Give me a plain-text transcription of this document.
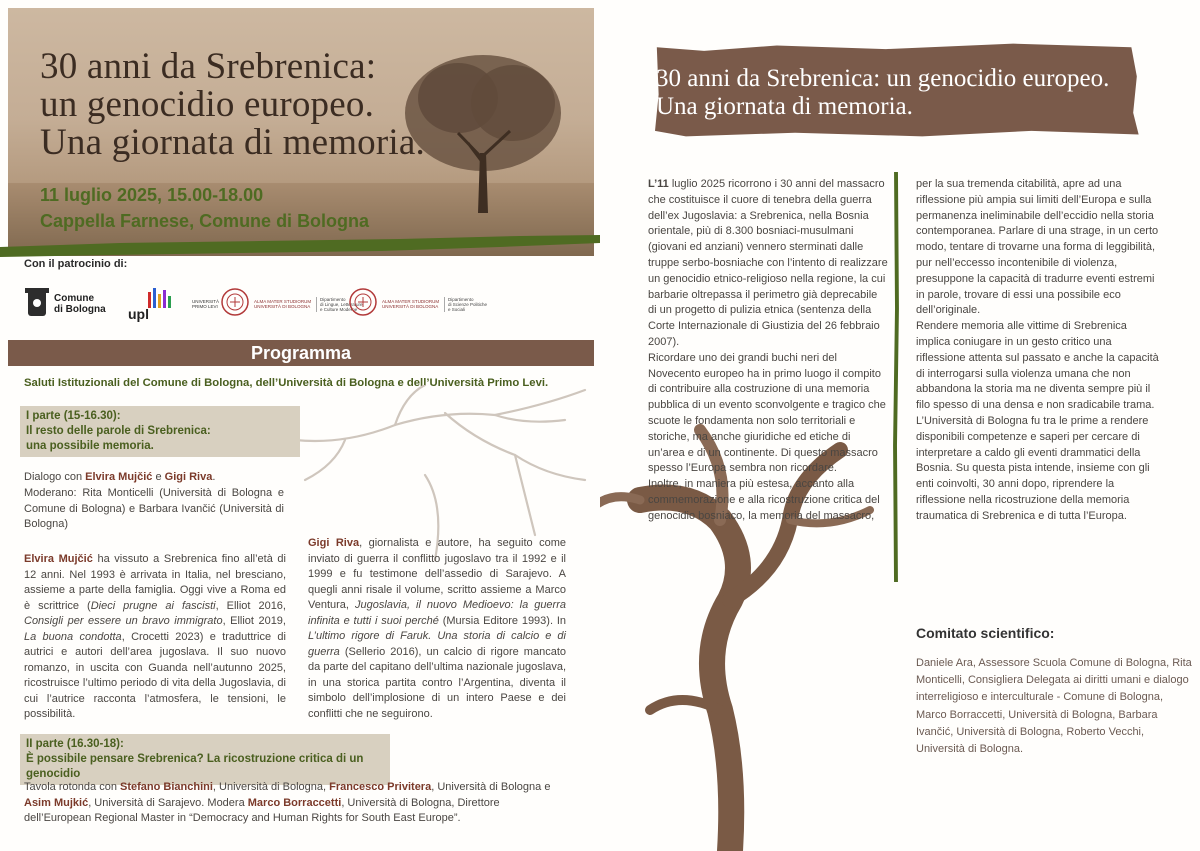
30 anni da Srebrenica:
un genocidio europeo.
Una giornata di memoria.
11 luglio 2025, 15.00-18.00
Cappella Farnese, Comune di Bologna
Con il patrocinio di:
Comune
di Bologna upl
UNIVERSITÀ PRIMO LEVI
ALMA MATER STUDIORUM
UNIVERSITÀ DI BOLOGNA
Dipartimento
di Lingue, Letterature
e Culture Moderne
ALMA MATER STUDIORUM
UNIVERSITÀ DI BOLOGNA
Dipartimento
di Scienze Politiche
e Sociali
Programma
Saluti Istituzionali del Comune di Bologna, dell’Università di Bologna e dell’Università Primo Levi.
I parte (15-16.30):
Il resto delle parole di Srebrenica:
una possibile memoria.
Dialogo con Elvira Mujčić e Gigi Riva.
Moderano: Rita Monticelli (Università di Bologna e Comune di Bologna) e Barbara Ivančić (Università di Bologna)
Elvira Mujčić ha vissuto a Srebrenica fino all’età di 12 anni. Nel 1993 è arrivata in Italia, nel bresciano, assieme a parte della famiglia. Oggi vive a Roma ed è scrittrice (Dieci prugne ai fascisti, Elliot 2016, Consigli per essere un bravo immigrato, Elliot 2019, La buona condotta, Crocetti 2023) e traduttrice di autrici e autori dell’area jugoslava. Il suo nuovo romanzo, in uscita con Guanda nell’autunno 2025, ricostruisce l’ultimo periodo di vita della Jugoslavia, di cui l’autrice racconta l’atmosfera, le tensioni, le possibilità.
Gigi Riva, giornalista e autore, ha seguito come inviato di guerra il conflitto jugoslavo tra il 1992 e il 1999 e fu testimone dell’assedio di Sarajevo. A quegli anni risale il volume, scritto assieme a Marco Ventura, Jugoslavia, il nuovo Medioevo: la guerra infinita e tutti i suoi perché (Mursia Editore 1993). In L’ultimo rigore di Faruk. Una storia di calcio e di guerra (Sellerio 2016), un calcio di rigore mancato da parte del capitano dell’ultima nazionale jugoslava, in una storica partita contro l’Argentina, diventa il simbolo dell’implosione di un intero Paese e dei conflitti che ne seguirono.
II parte (16.30-18):
È possibile pensare Srebrenica? La ricostruzione critica di un genocidio
Tavola rotonda con Stefano Bianchini, Università di Bologna, Francesco Privitera, Università di Bologna e Asim Mujkić, Università di Sarajevo. Modera Marco Borraccetti, Università di Bologna, Direttore dell’European Regional Master in “Democracy and Human Rights for South East Europe”.
30 anni da Srebrenica: un genocidio europeo.
Una giornata di memoria.

L’11 luglio 2025 ricorrono i 30 anni del massacro che costituisce il cuore di tenebra della guerra dell’ex Jugoslavia: a Srebrenica, nella Bosnia orientale, più di 8.300 bosniaci-musulmani (giovani ed anziani) vennero sterminati dalle truppe serbo-bosniache con l’intento di realizzare un genocidio etnico-religioso nella regione, la cui barbarie oltrepassa il perimetro già deprecabile di un progetto di pulizia etnica (sentenza della Corte Internazionale di Giustizia del 26 febbraio 2007).

Ricordare uno dei grandi buchi neri del Novecento europeo ha in primo luogo il compito di contribuire alla costruzione di una memoria pubblica di un evento sconvolgente e tragico che scuote le fondamenta non solo territoriali e storiche, ma anche giuridiche ed etiche di un’area e di un continente. Di questo massacro spesso l’Europa sembra non ricordare.

Inoltre, in maniera più estesa, accanto alla commemorazione e alla ricostruzione critica del genocidio bosniaco, la memoria del massacro,

per la sua tremenda citabilità, apre ad una riflessione più ampia sui limiti dell’Europa e sulla permanenza ineliminabile dell’eccidio nella storia contemporanea. Parlare di una strage, in un certo modo, tentare di trovarne una forma di leggibilità, pur nell’eccesso incontenibile di violenza, presuppone la capacità di tradurre eventi estremi in parole, trovare di essi una possibile eco dell’originale.

Rendere memoria alle vittime di Srebrenica implica coniugare in un gesto critico una riflessione attenta sul passato e anche la capacità di interrogarsi sulla violenza umana che non abbandona la storia ma ne diventa sempre più il filo spesso di una densa e non sradicabile trama.

L’Università di Bologna fu tra le prime a rendere disponibili competenze e saperi per cercare di interpretare a caldo gli eventi drammatici della Bosnia. Su questa pista intende, insieme con gli enti coinvolti, 30 anni dopo, riprendere la riflessione nella ricostruzione della memoria traumatica di Srebrenica e di tutta l’Europa.

Comitato scientifico:
Daniele Ara, Assessore Scuola Comune di Bologna, Rita Monticelli, Consigliera Delegata ai diritti umani e dialogo interreligioso e interculturale - Comune di Bologna, Marco Borraccetti, Università di Bologna, Barbara Ivančić, Università di Bologna, Roberto Vecchi, Università di Bologna.
